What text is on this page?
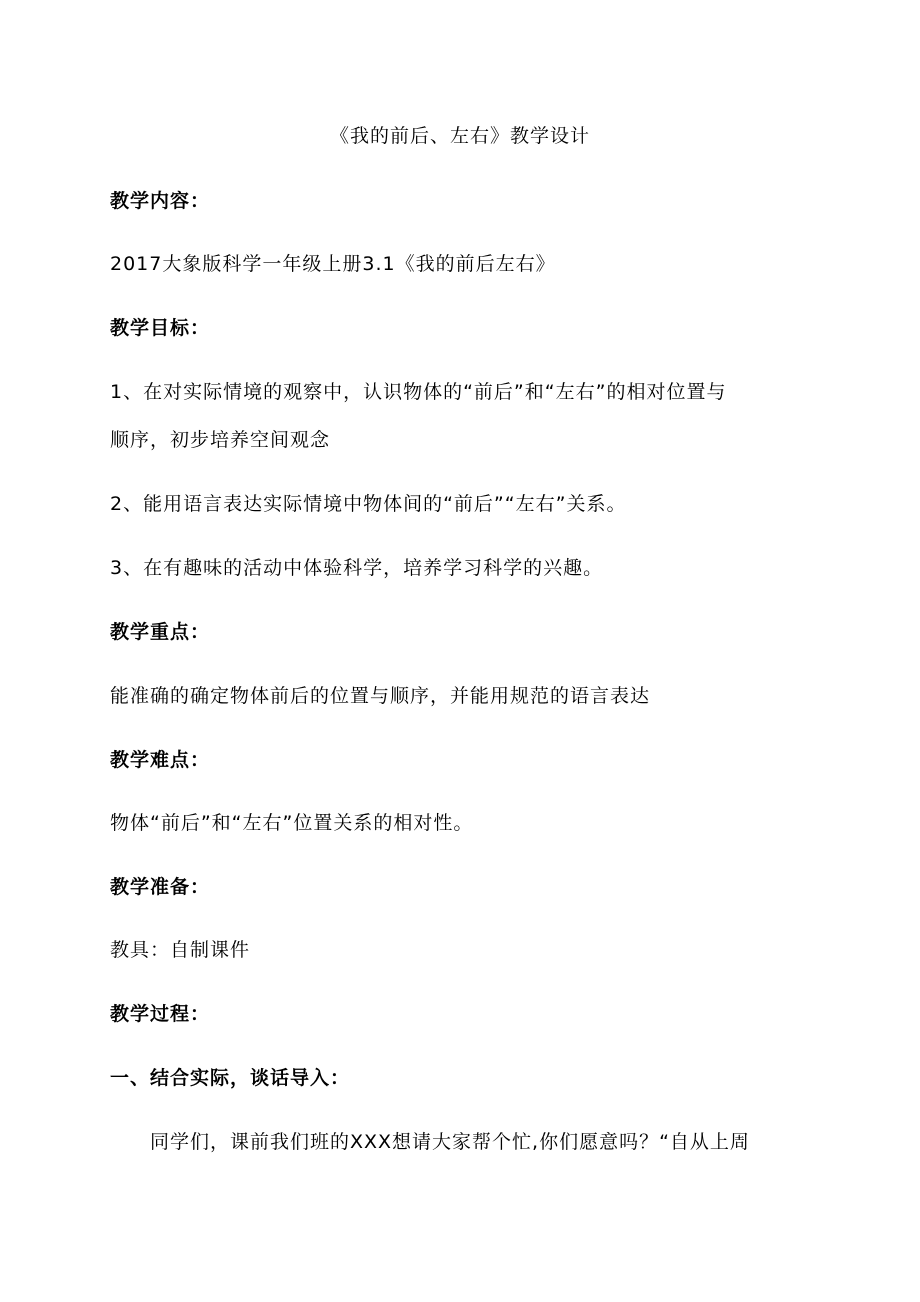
《我的前后、左右》教学设计
教学内容：
2017大象版科学一年级上册3.1《我的前后左右》
教学目标：
1、在对实际情境的观察中，认识物体的“前后”和“左右”的相对位置与
顺序，初步培养空间观念
2、能用语言表达实际情境中物体间的“前后”“左右”关系。
3、在有趣味的活动中体验科学，培养学习科学的兴趣。
教学重点：
能准确的确定物体前后的位置与顺序，并能用规范的语言表达
教学难点：
物体“前后”和“左右”位置关系的相对性。
教学准备：
教具：自制课件
教学过程：
一、结合实际，谈话导入：
同学们，课前我们班的XXX想请大家帮个忙,你们愿意吗？“自从上周
